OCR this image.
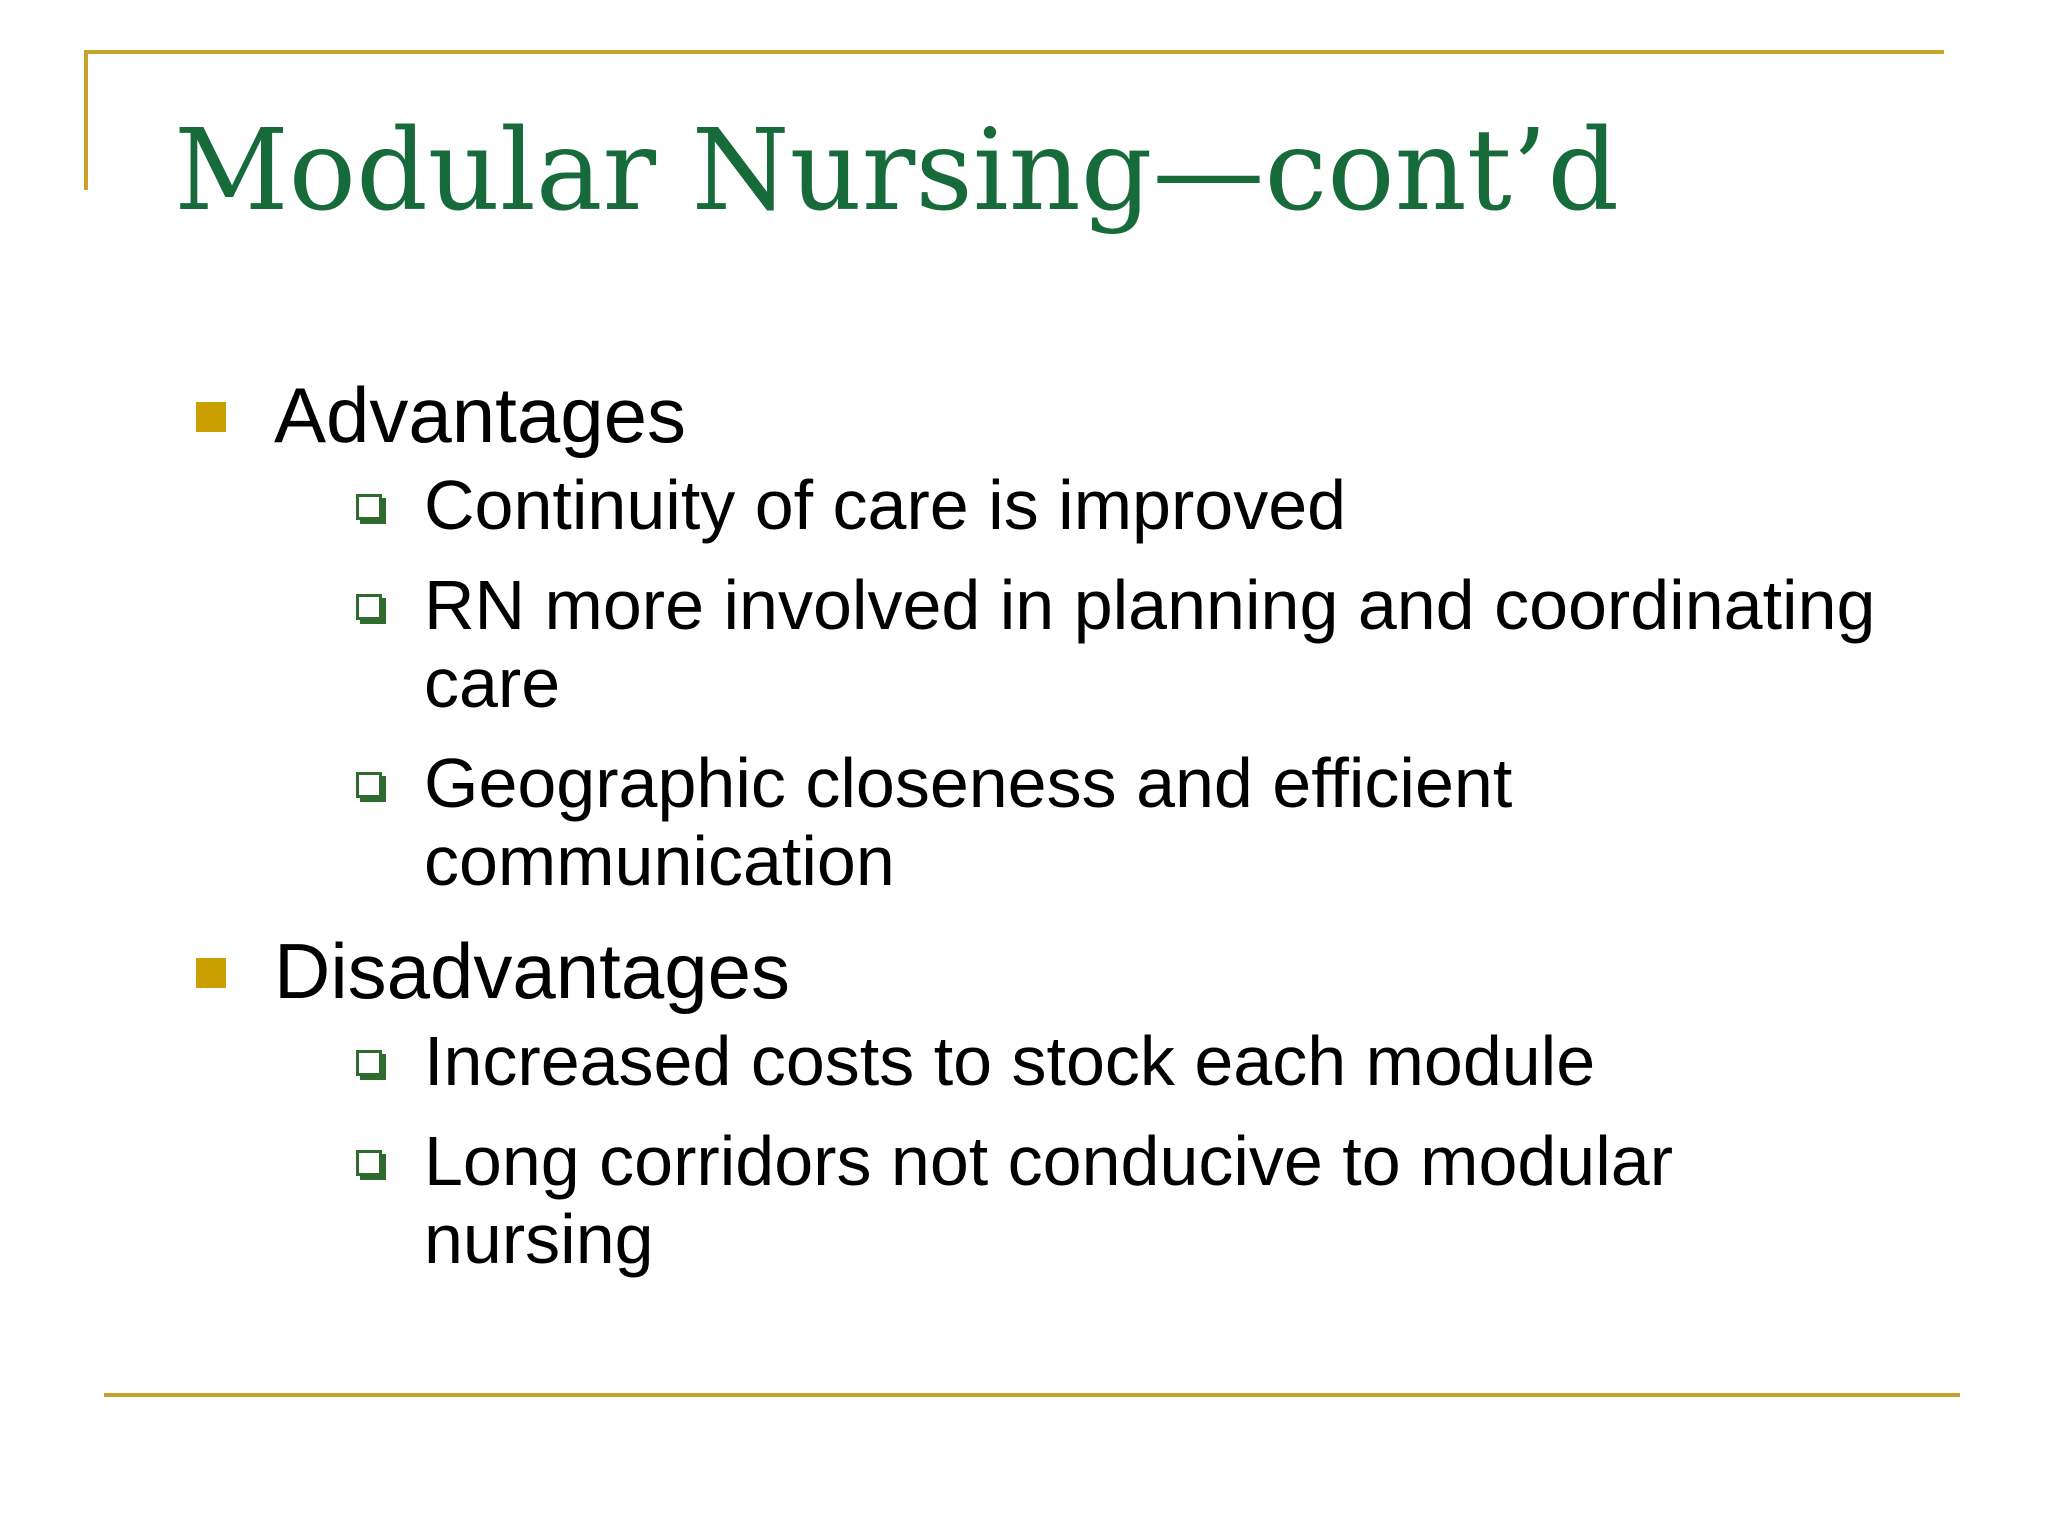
Modular Nursing—cont’d
Advantages
Continuity of care is improved
RN more involved in planning and coordinating care
Geographic closeness and efficient communication
Disadvantages
Increased costs to stock each module
Long corridors not conducive to modular nursing
